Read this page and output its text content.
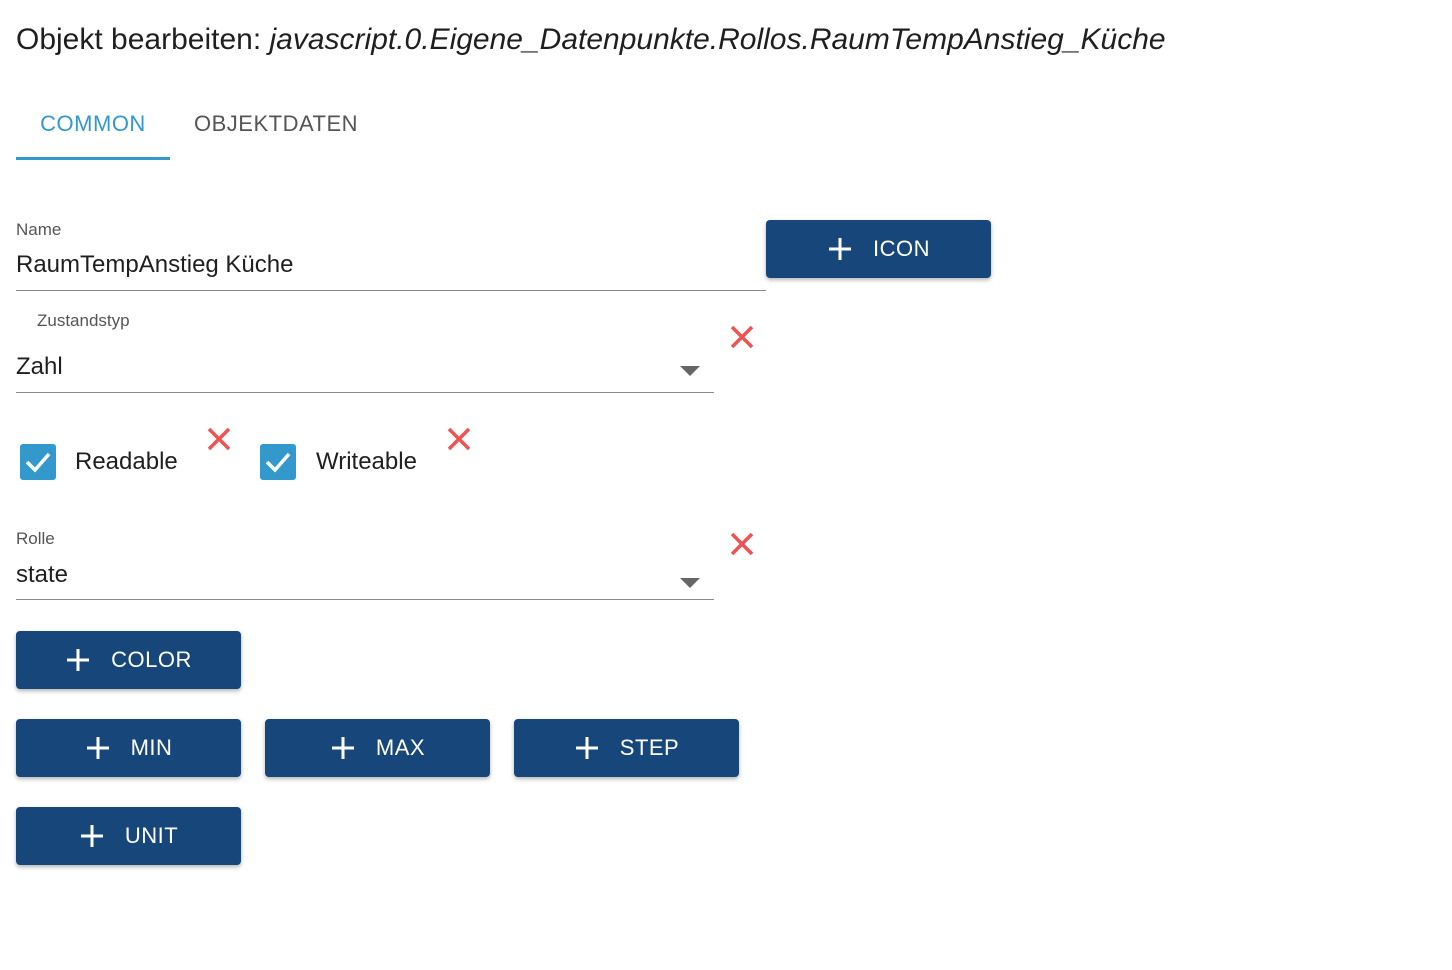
Objekt bearbeiten: javascript.0.Eigene_Datenpunkte.Rollos.RaumTempAnstieg_Küche
COMMON	OBJEKTDATEN
Name
RaumTempAnstieg Küche
ICON
Zustandstyp
Zahl
Readable	Writeable
Rolle
state
COLOR
MIN	MAX	STEP
UNIT
